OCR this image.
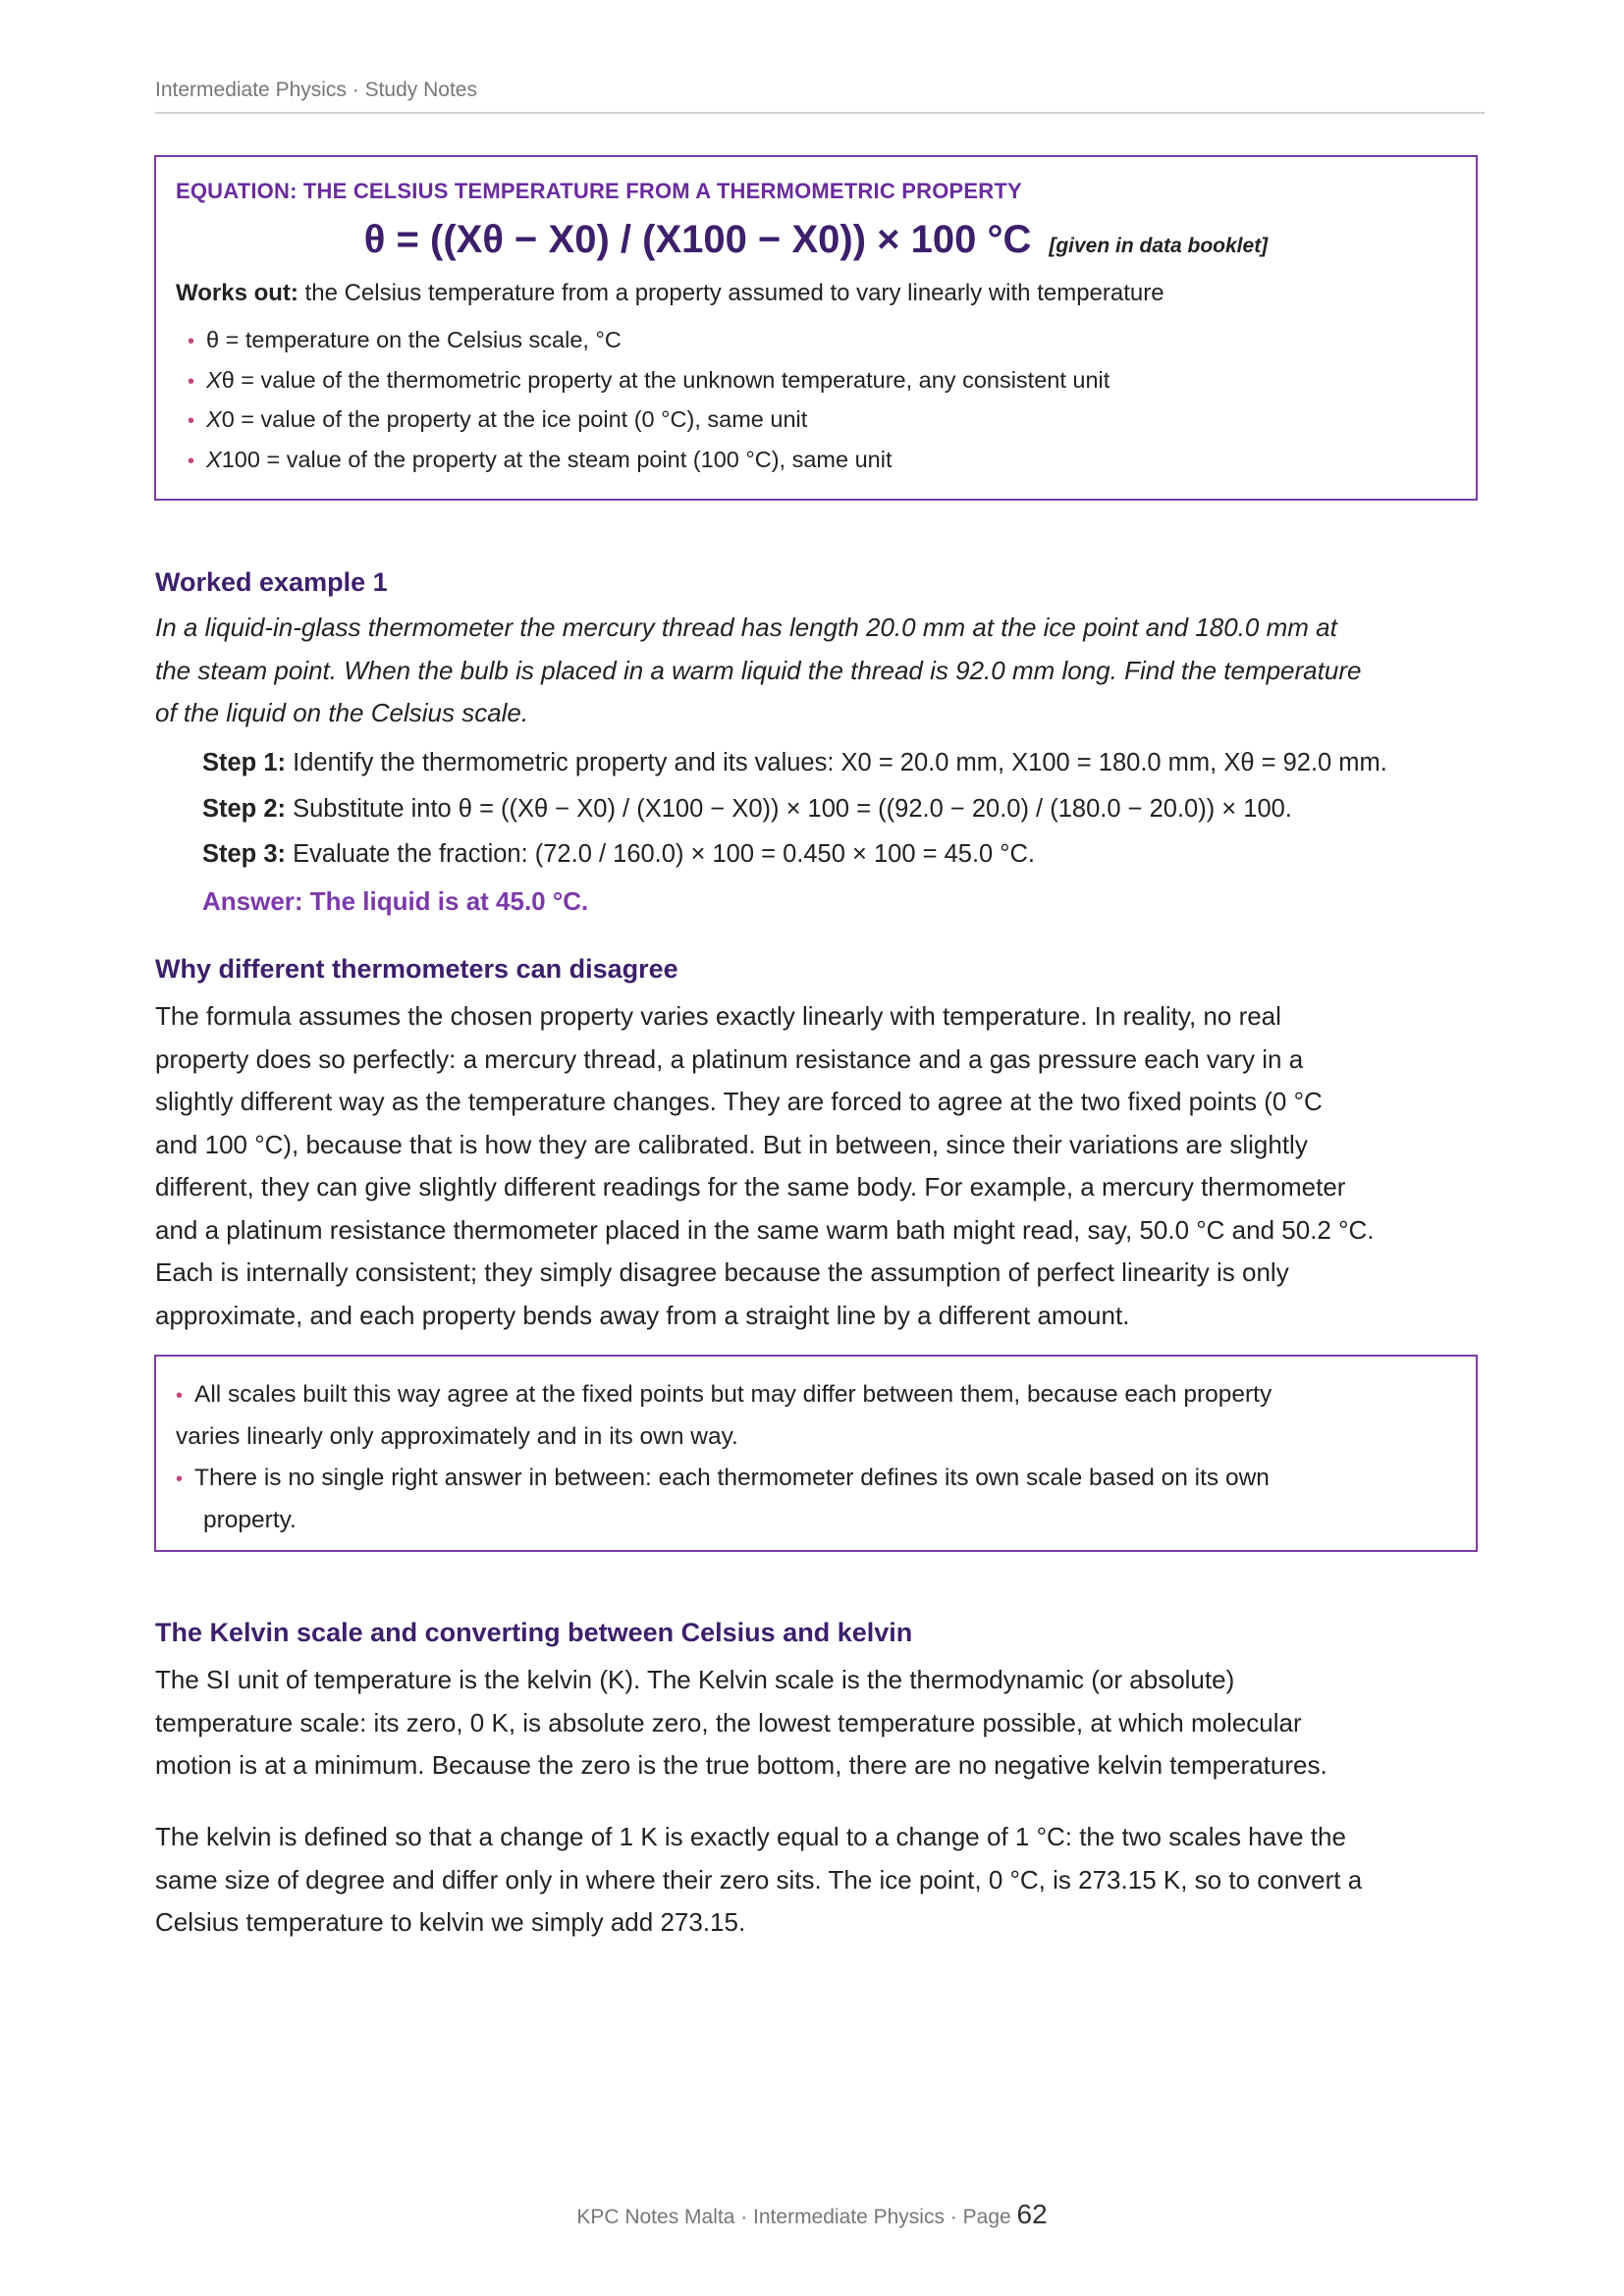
Intermediate Physics · Study Notes
EQUATION: THE CELSIUS TEMPERATURE FROM A THERMOMETRIC PROPERTY
θ = ((Xθ − X0) / (X100 − X0)) × 100 °C [given in data booklet]
Works out: the Celsius temperature from a property assumed to vary linearly with temperature
• θ = temperature on the Celsius scale, °C
• Xθ = value of the thermometric property at the unknown temperature, any consistent unit
• X0 = value of the property at the ice point (0 °C), same unit
• X100 = value of the property at the steam point (100 °C), same unit
Worked example 1
In a liquid-in-glass thermometer the mercury thread has length 20.0 mm at the ice point and 180.0 mm at
the steam point. When the bulb is placed in a warm liquid the thread is 92.0 mm long. Find the temperature
of the liquid on the Celsius scale.
Step 1: Identify the thermometric property and its values: X0 = 20.0 mm, X100 = 180.0 mm, Xθ = 92.0 mm.
Step 2: Substitute into θ = ((Xθ − X0) / (X100 − X0)) × 100 = ((92.0 − 20.0) / (180.0 − 20.0)) × 100.
Step 3: Evaluate the fraction: (72.0 / 160.0) × 100 = 0.450 × 100 = 45.0 °C.
Answer: The liquid is at 45.0 °C.
Why different thermometers can disagree
The formula assumes the chosen property varies exactly linearly with temperature. In reality, no real
property does so perfectly: a mercury thread, a platinum resistance and a gas pressure each vary in a
slightly different way as the temperature changes. They are forced to agree at the two fixed points (0 °C
and 100 °C), because that is how they are calibrated. But in between, since their variations are slightly
different, they can give slightly different readings for the same body. For example, a mercury thermometer
and a platinum resistance thermometer placed in the same warm bath might read, say, 50.0 °C and 50.2 °C.
Each is internally consistent; they simply disagree because the assumption of perfect linearity is only
approximate, and each property bends away from a straight line by a different amount.

• All scales built this way agree at the fixed points but may differ between them, because each property

varies linearly only approximately and in its own way.

• There is no single right answer in between: each thermometer defines its own scale based on its own

property.

The Kelvin scale and converting between Celsius and kelvin
The SI unit of temperature is the kelvin (K). The Kelvin scale is the thermodynamic (or absolute)
temperature scale: its zero, 0 K, is absolute zero, the lowest temperature possible, at which molecular
motion is at a minimum. Because the zero is the true bottom, there are no negative kelvin temperatures.
The kelvin is defined so that a change of 1 K is exactly equal to a change of 1 °C: the two scales have the
same size of degree and differ only in where their zero sits. The ice point, 0 °C, is 273.15 K, so to convert a
Celsius temperature to kelvin we simply add 273.15.
KPC Notes Malta · Intermediate Physics · Page 62
